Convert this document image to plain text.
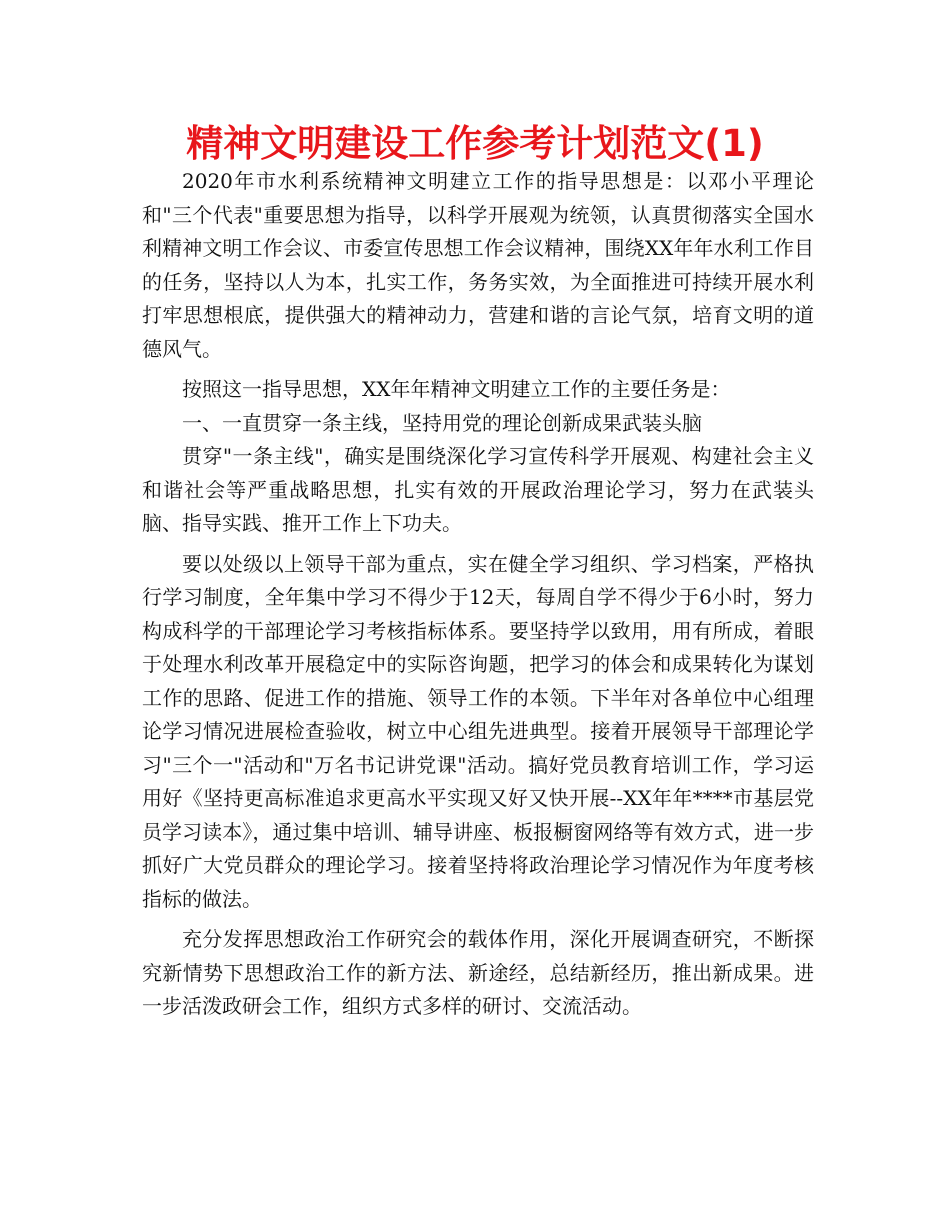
精神文明建设工作参考计划范文(1)

2020年市水利系统精神文明建立工作的指导思想是：以邓小平理论和"三个代表"重要思想为指导，以科学开展观为统领，认真贯彻落实全国水利精神文明工作会议、市委宣传思想工作会议精神，围绕XX年年水利工作目的任务，坚持以人为本，扎实工作，务务实效，为全面推进可持续开展水利打牢思想根底，提供强大的精神动力，营建和谐的言论气氛，培育文明的道德风气。

按照这一指导思想，XX年年精神文明建立工作的主要任务是：

一、一直贯穿一条主线，坚持用党的理论创新成果武装头脑

贯穿"一条主线"，确实是围绕深化学习宣传科学开展观、构建社会主义和谐社会等严重战略思想，扎实有效的开展政治理论学习，努力在武装头脑、指导实践、推开工作上下功夫。

要以处级以上领导干部为重点，实在健全学习组织、学习档案，严格执行学习制度，全年集中学习不得少于12天，每周自学不得少于6小时，努力构成科学的干部理论学习考核指标体系。要坚持学以致用，用有所成，着眼于处理水利改革开展稳定中的实际咨询题，把学习的体会和成果转化为谋划工作的思路、促进工作的措施、领导工作的本领。下半年对各单位中心组理论学习情况进展检查验收，树立中心组先进典型。接着开展领导干部理论学习"三个一"活动和"万名书记讲党课"活动。搞好党员教育培训工作，学习运用好《坚持更高标准追求更高水平实现又好又快开展--XX年年****市基层党员学习读本》，通过集中培训、辅导讲座、板报橱窗网络等有效方式，进一步抓好广大党员群众的理论学习。接着坚持将政治理论学习情况作为年度考核指标的做法。

充分发挥思想政治工作研究会的载体作用，深化开展调查研究，不断探究新情势下思想政治工作的新方法、新途经，总结新经历，推出新成果。进一步活泼政研会工作，组织方式多样的研讨、交流活动。
